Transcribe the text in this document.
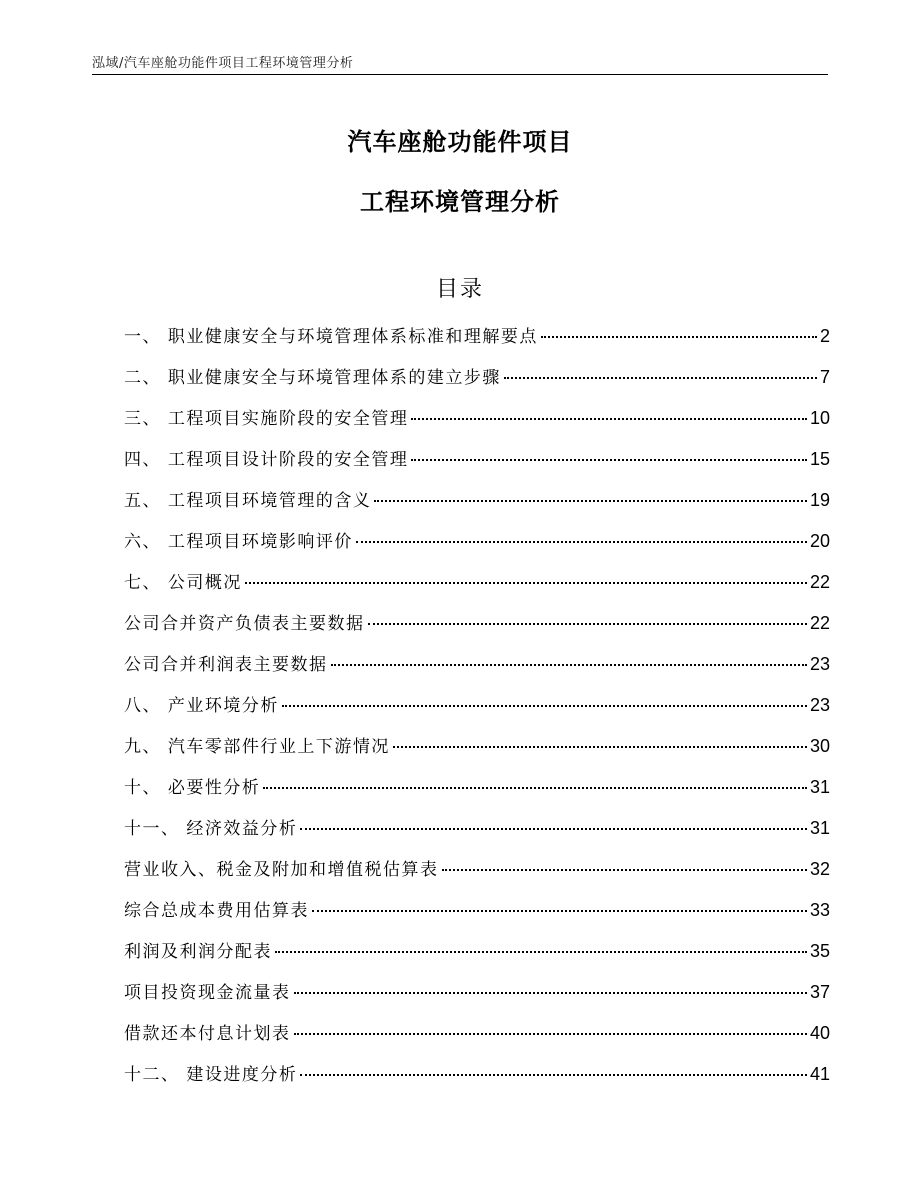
泓域/汽车座舱功能件项目工程环境管理分析
汽车座舱功能件项目
工程环境管理分析
目录
一、 职业健康安全与环境管理体系标准和理解要点	2
二、 职业健康安全与环境管理体系的建立步骤	7
三、 工程项目实施阶段的安全管理	10
四、 工程项目设计阶段的安全管理	15
五、 工程项目环境管理的含义	19
六、 工程项目环境影响评价	20
七、 公司概况	22
公司合并资产负债表主要数据	22
公司合并利润表主要数据	23
八、 产业环境分析	23
九、 汽车零部件行业上下游情况	30
十、 必要性分析	31
十一、 经济效益分析	31
营业收入、税金及附加和增值税估算表	32
综合总成本费用估算表	33
利润及利润分配表	35
项目投资现金流量表	37
借款还本付息计划表	40
十二、 建设进度分析	41
